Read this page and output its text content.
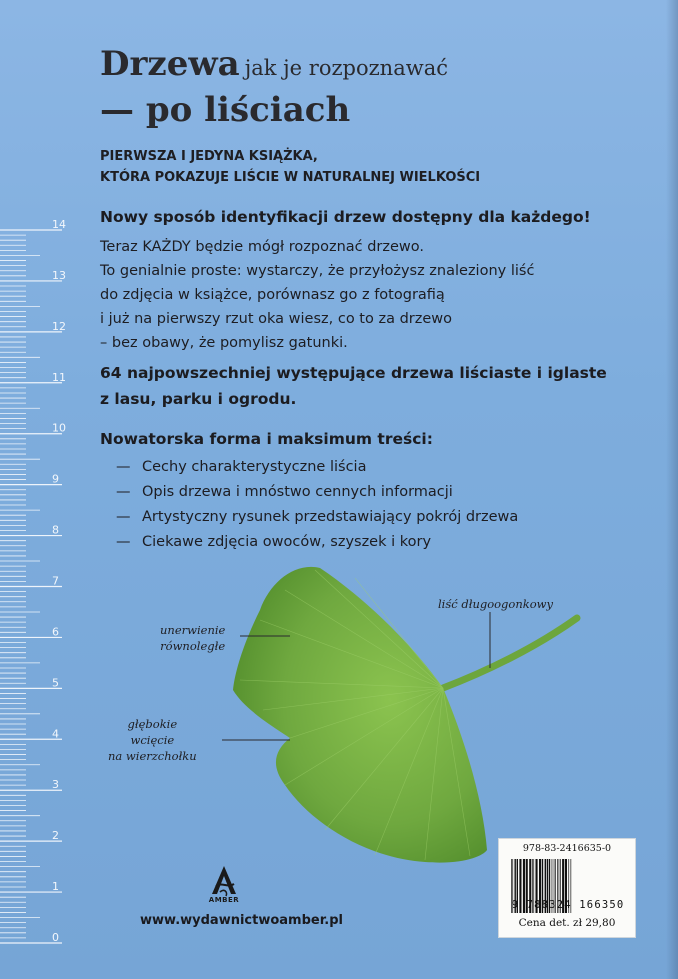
Drzewa jak je rozpoznawać
— po liściach
PIERWSZA I JEDYNA KSIĄŻKA,
KTÓRA POKAZUJE LIŚCIE W NATURALNEJ WIELKOŚCI
Nowy sposób identyfikacji drzew dostępny dla każdego!
Teraz KAŻDY będzie mógł rozpoznać drzewo.
To genialnie proste: wystarczy, że przyłożysz znaleziony liść
do zdjęcia w książce, porównasz go z fotografią
i już na pierwszy rzut oka wiesz, co to za drzewo
– bez obawy, że pomylisz gatunki.
64 najpowszechniej występujące drzewa liściaste i iglaste
z lasu, parku i ogrodu.
Nowatorska forma i maksimum treści:
— Cechy charakterystyczne liścia
— Opis drzewa i mnóstwo cennych informacji
— Artystyczny rysunek przedstawiający pokrój drzewa
— Ciekawe zdjęcia owoców, szyszek i kory
14
13
12
11
10
9
8
7
6
5
4
3
2
1
0
liść długoogonkowy
unerwienie
równoległe
głębokie
wcięcie
na wierzchołku
AMBER
www.wydawnictwoamber.pl
978-83-2416635-0
9 788324 166350
Cena det. zł 29,80
